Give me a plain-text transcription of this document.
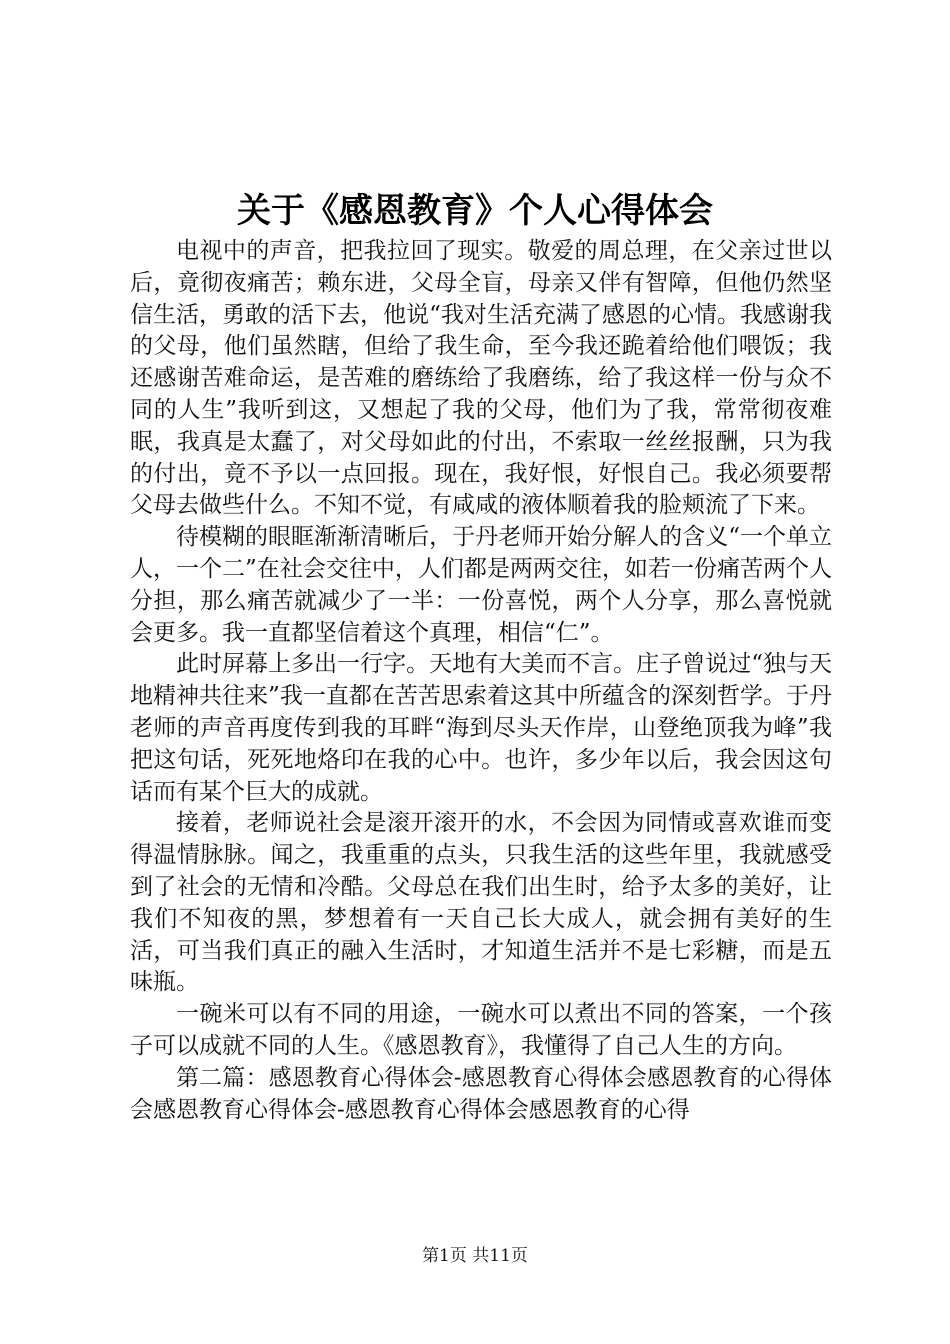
关于《感恩教育》个人心得体会

电视中的声音，把我拉回了现实。敬爱的周总理，在父亲过世以后，竟彻夜痛苦；赖东进，父母全盲，母亲又伴有智障，但他仍然坚信生活，勇敢的活下去，他说“我对生活充满了感恩的心情。我感谢我的父母，他们虽然瞎，但给了我生命，至今我还跪着给他们喂饭；我还感谢苦难命运，是苦难的磨练给了我磨练，给了我这样一份与众不同的人生”我听到这，又想起了我的父母，他们为了我，常常彻夜难眠，我真是太蠢了，对父母如此的付出，不索取一丝丝报酬，只为我的付出，竟不予以一点回报。现在，我好恨，好恨自己。我必须要帮父母去做些什么。不知不觉，有咸咸的液体顺着我的脸颊流了下来。

待模糊的眼眶渐渐清晰后，于丹老师开始分解人的含义“一个单立人，一个二”在社会交往中，人们都是两两交往，如若一份痛苦两个人分担，那么痛苦就减少了一半：一份喜悦，两个人分享，那么喜悦就会更多。我一直都坚信着这个真理，相信“仁”。

此时屏幕上多出一行字。天地有大美而不言。庄子曾说过“独与天地精神共往来”我一直都在苦苦思索着这其中所蕴含的深刻哲学。于丹老师的声音再度传到我的耳畔“海到尽头天作岸，山登绝顶我为峰”我把这句话，死死地烙印在我的心中。也许，多少年以后，我会因这句话而有某个巨大的成就。

接着，老师说社会是滚开滚开的水，不会因为同情或喜欢谁而变得温情脉脉。闻之，我重重的点头，只我生活的这些年里，我就感受到了社会的无情和冷酷。父母总在我们出生时，给予太多的美好，让我们不知夜的黑，梦想着有一天自己长大成人，就会拥有美好的生活，可当我们真正的融入生活时，才知道生活并不是七彩糖，而是五味瓶。

一碗米可以有不同的用途，一碗水可以煮出不同的答案，一个孩子可以成就不同的人生。《感恩教育》，我懂得了自己人生的方向。

第二篇：感恩教育心得体会-感恩教育心得体会感恩教育的心得体会感恩教育心得体会-感恩教育心得体会感恩教育的心得

第1页 共11页
